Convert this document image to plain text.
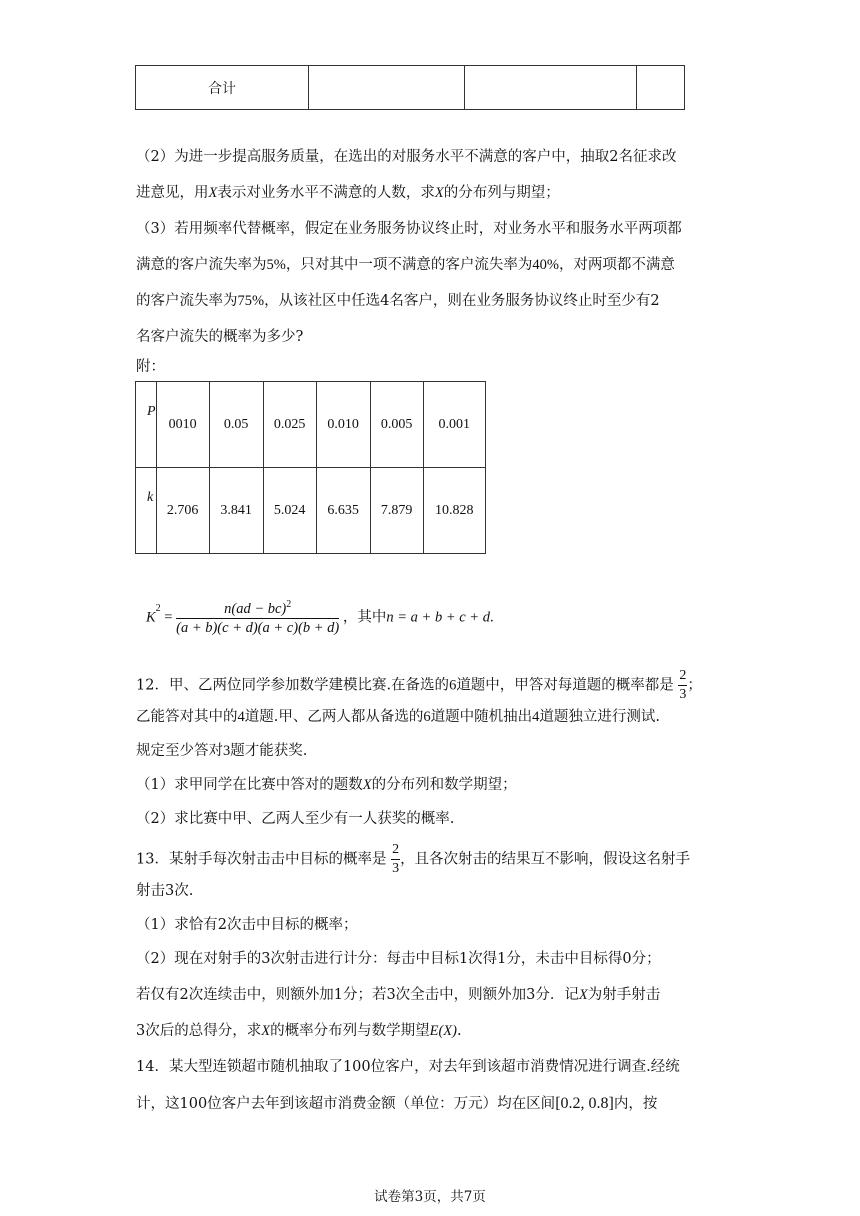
合计			
（2）为进一步提高服务质量，在选出的对服务水平不满意的客户中，抽取2名征求改
进意见，用X表示对业务水平不满意的人数，求X的分布列与期望；
（3）若用频率代替概率，假定在业务服务协议终止时，对业务水平和服务水平两项都
满意的客户流失率为5%，只对其中一项不满意的客户流失率为40%，对两项都不满意
的客户流失率为75%，从该社区中任选4名客户，则在业务服务协议终止时至少有2
名客户流失的概率为多少?
附：
P	0010	0.05	0.025	0.010	0.005	0.001

k	2.706	3.841	5.024	6.635	7.879	10.828
$K^2 = \frac{n(ad - bc)^2}{(a + b)(c + d)(a + c)(b + d)}$ ，其中n = a + b + c + d.
12．甲、乙两位同学参加数学建模比赛.在备选的6道题中，甲答对每道题的概率都是 $\frac{2}{3}$ ；
乙能答对其中的4道题.甲、乙两人都从备选的6道题中随机抽出4道题独立进行测试.
规定至少答对3题才能获奖.
（1）求甲同学在比赛中答对的题数X的分布列和数学期望；
（2）求比赛中甲、乙两人至少有一人获奖的概率.
13．某射手每次射击击中目标的概率是 $\frac{2}{3}$ ，且各次射击的结果互不影响，假设这名射手
射击3次.
（1）求恰有2次击中目标的概率；
（2）现在对射手的3次射击进行计分：每击中目标1次得1分，未击中目标得0分；
若仅有2次连续击中，则额外加1分；若3次全击中，则额外加3分．记X为射手射击
3次后的总得分，求X的概率分布列与数学期望E(X).
14．某大型连锁超市随机抽取了100位客户，对去年到该超市消费情况进行调查.经统
计，这100位客户去年到该超市消费金额（单位：万元）均在区间[0.2, 0.8]内，按
试卷第3页，共7页
